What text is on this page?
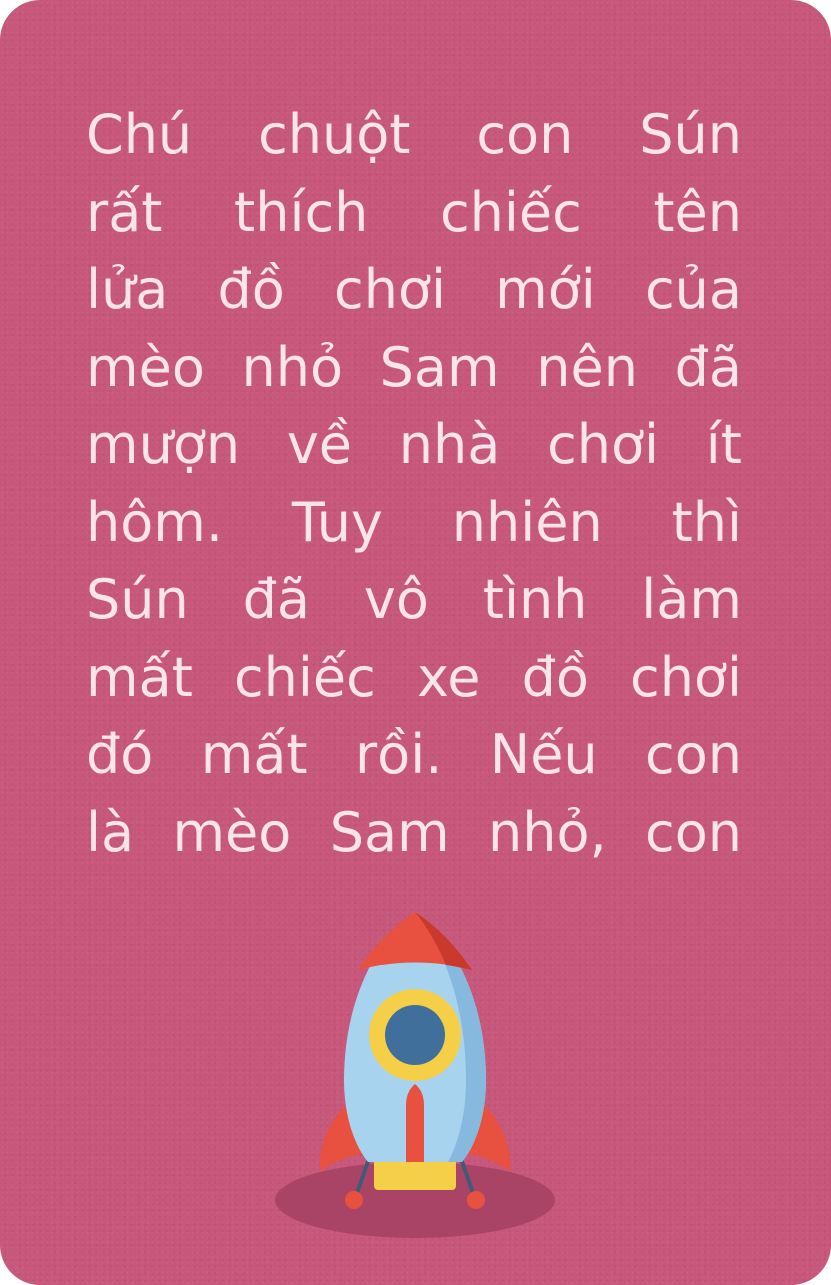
Chú chuột con Sún
rất thích chiếc tên
lửa đồ chơi mới của
mèo nhỏ Sam nên đã
mượn về nhà chơi ít
hôm. Tuy nhiên thì
Sún đã vô tình làm
mất chiếc xe đồ chơi
đó mất rồi. Nếu con
là mèo Sam nhỏ, con
